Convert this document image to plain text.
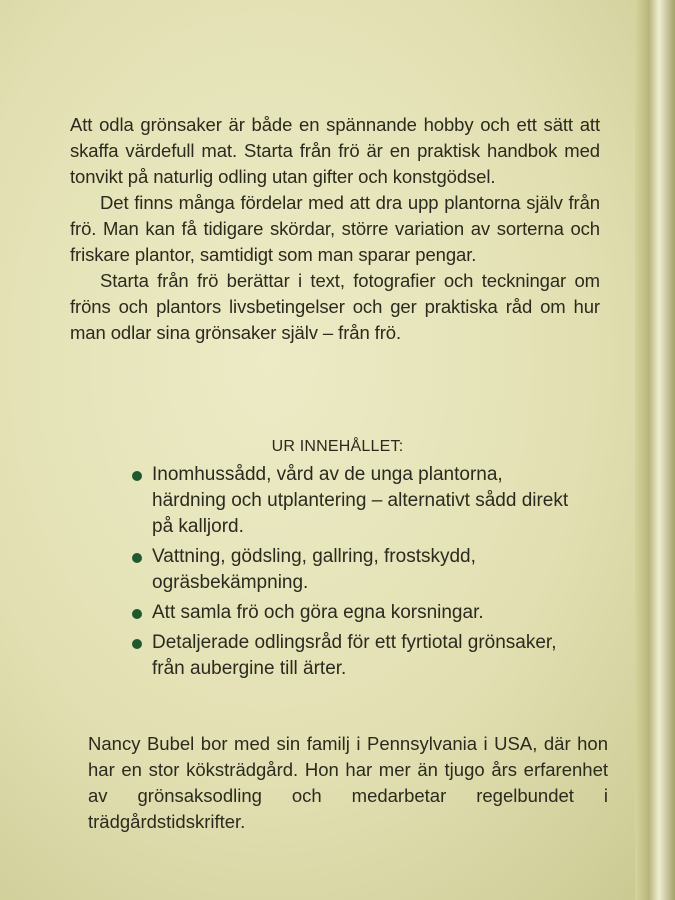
Att odla grönsaker är både en spännande hobby och ett sätt att skaffa värdefull mat. Starta från frö är en praktisk handbok med tonvikt på naturlig odling utan gifter och konstgödsel.

Det finns många fördelar med att dra upp plantorna själv från frö. Man kan få tidigare skördar, större variation av sorterna och friskare plantor, samtidigt som man sparar pengar.

Starta från frö berättar i text, fotografier och teckningar om fröns och plantors livsbetingelser och ger praktiska råd om hur man odlar sina grönsaker själv – från frö.

UR INNEHÅLLET:
Inomhussådd, vård av de unga plantorna, härdning och utplantering – alternativt sådd direkt på kalljord.
Vattning, gödsling, gallring, frostskydd, ogräsbekämpning.
Att samla frö och göra egna korsningar.
Detaljerade odlingsråd för ett fyrtiotal grönsaker, från aubergine till ärter.

Nancy Bubel bor med sin familj i Pennsylvania i USA, där hon har en stor köksträdgård. Hon har mer än tjugo års erfarenhet av grönsaksodling och medarbetar regelbundet i trädgårdstidskrifter.
